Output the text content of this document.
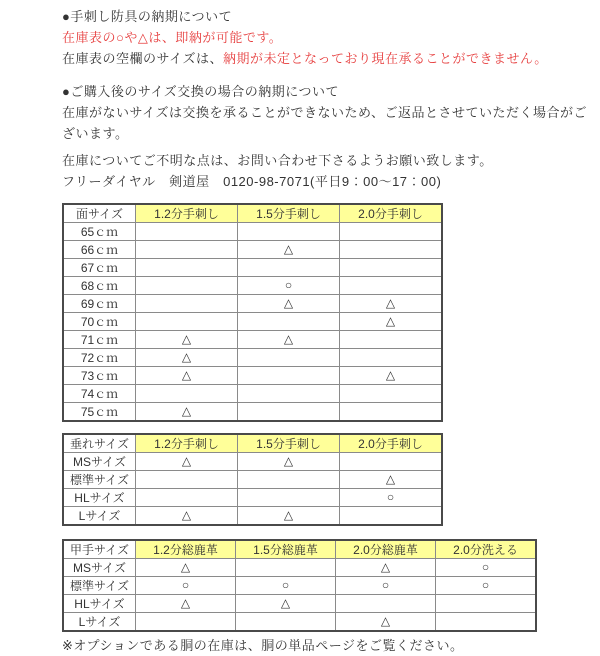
●手刺し防具の納期について

在庫表の○や△は、即納が可能です。

在庫表の空欄のサイズは、納期が未定となっており現在承ることができません。

●ご購入後のサイズ交換の場合の納期について

在庫がないサイズは交換を承ることができないため、ご返品とさせていただく場合がございます。

在庫についてご不明な点は、お問い合わせ下さるようお願い致します。

フリーダイヤル　剣道屋　0120-98-7071(平日9：00～17：00)

面サイズ	1.2分手刺し	1.5分手刺し	2.0分手刺し
65ｃｍ			
66ｃｍ		△	
67ｃｍ			
68ｃｍ		○	
69ｃｍ		△	△
70ｃｍ			△
71ｃｍ	△	△	
72ｃｍ	△		
73ｃｍ	△		△
74ｃｍ			
75ｃｍ	△		
垂れサイズ	1.2分手刺し	1.5分手刺し	2.0分手刺し
MSサイズ	△	△	
標準サイズ			△
HLサイズ			○
Lサイズ	△	△	
甲手サイズ	1.2分総鹿革	1.5分総鹿革	2.0分総鹿革	2.0分洗える
MSサイズ	△		△	○
標準サイズ	○	○	○	○
HLサイズ	△	△		
Lサイズ			△	

※オプションである胴の在庫は、胴の単品ページをご覧ください。
